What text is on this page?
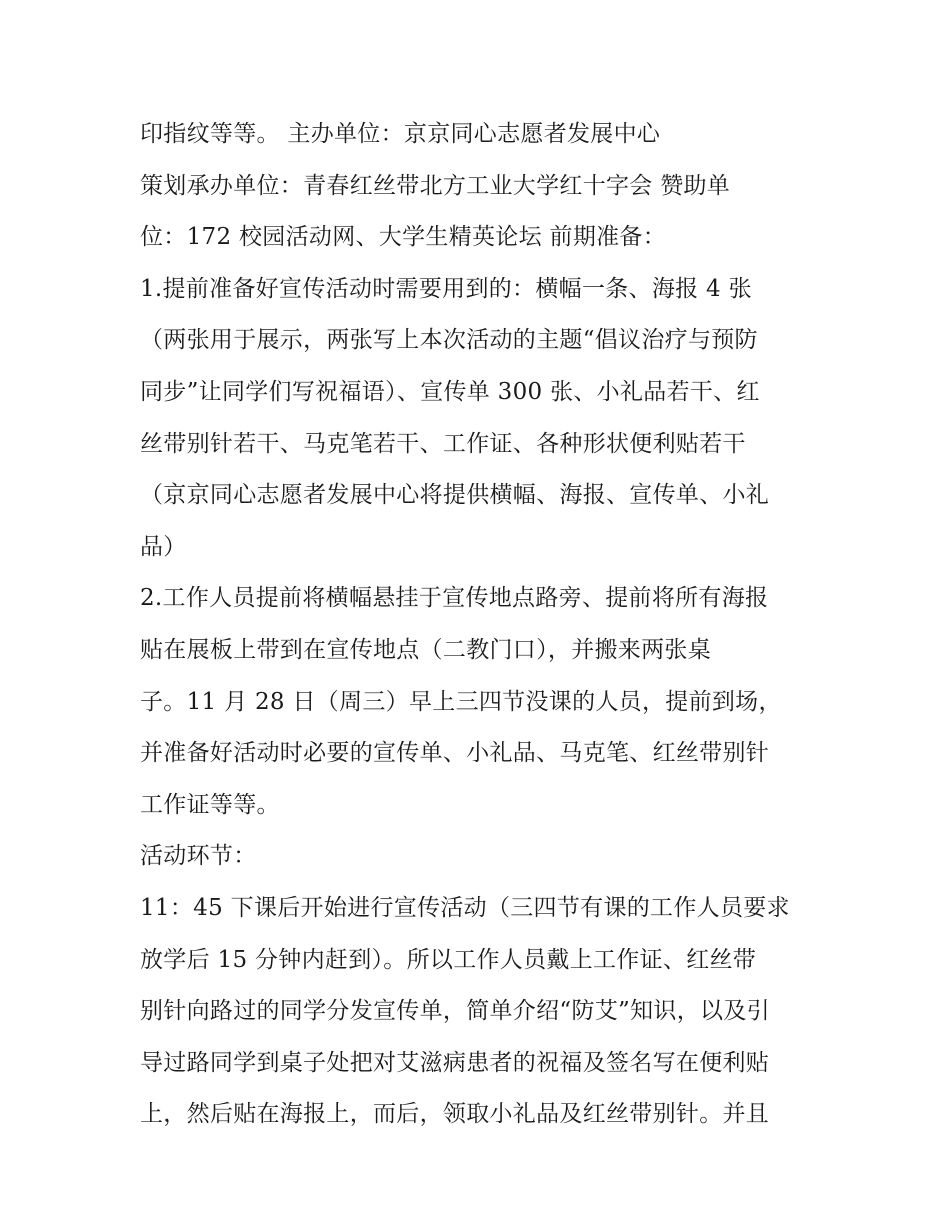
印指纹等等。 主办单位：京京同心志愿者发展中心
策划承办单位：青春红丝带北方工业大学红十字会 赞助单
位：172 校园活动网、大学生精英论坛 前期准备：
1.提前准备好宣传活动时需要用到的：横幅一条、海报 4 张
（两张用于展示，两张写上本次活动的主题“倡议治疗与预防
同步”让同学们写祝福语）、宣传单 300 张、小礼品若干、红
丝带别针若干、马克笔若干、工作证、各种形状便利贴若干
（京京同心志愿者发展中心将提供横幅、海报、宣传单、小礼
品）
2.工作人员提前将横幅悬挂于宣传地点路旁、提前将所有海报
贴在展板上带到在宣传地点（二教门口），并搬来两张桌
子。11 月 28 日（周三）早上三四节没课的人员，提前到场，
并准备好活动时必要的宣传单、小礼品、马克笔、红丝带别针
工作证等等。
活动环节：
11：45 下课后开始进行宣传活动（三四节有课的工作人员要求
放学后 15 分钟内赶到）。所以工作人员戴上工作证、红丝带
别针向路过的同学分发宣传单，简单介绍“防艾”知识，以及引
导过路同学到桌子处把对艾滋病患者的祝福及签名写在便利贴
上，然后贴在海报上，而后，领取小礼品及红丝带别针。并且
